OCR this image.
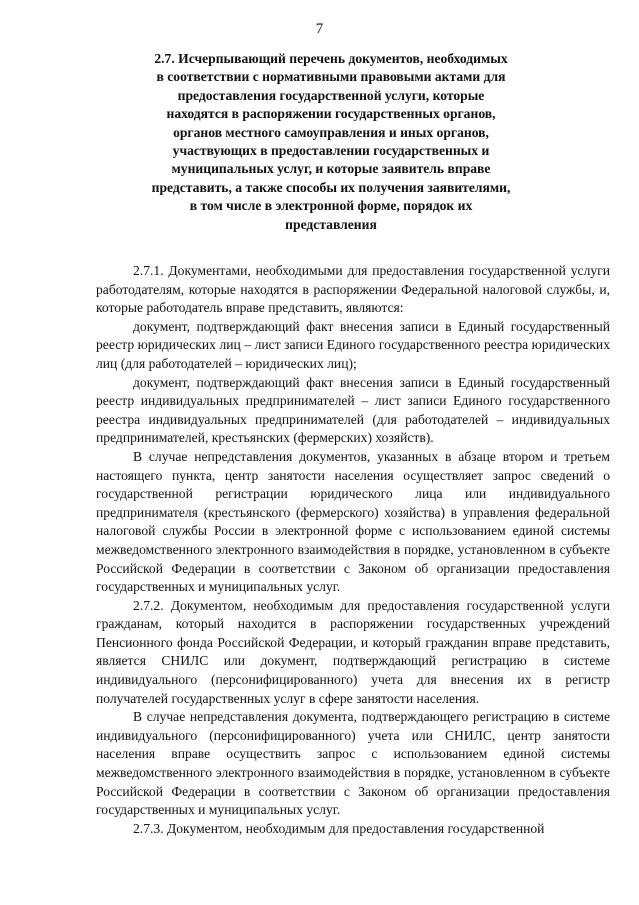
7
2.7. Исчерпывающий перечень документов, необходимых в соответствии с нормативными правовыми актами для предоставления государственной услуги, которые находятся в распоряжении государственных органов, органов местного самоуправления и иных органов, участвующих в предоставлении государственных и муниципальных услуг, и которые заявитель вправе представить, а также способы их получения заявителями, в том числе в электронной форме, порядок их представления

2.7.1. Документами, необходимыми для предоставления государственной услуги работодателям, которые находятся в распоряжении Федеральной налоговой службы, и, которые работодатель вправе представить, являются:

документ, подтверждающий факт внесения записи в Единый государственный реестр юридических лиц – лист записи Единого государственного реестра юридических лиц (для работодателей – юридических лиц);

документ, подтверждающий факт внесения записи в Единый государственный реестр индивидуальных предпринимателей – лист записи Единого государственного реестра индивидуальных предпринимателей (для работодателей – индивидуальных предпринимателей, крестьянских (фермерских) хозяйств).

В случае непредставления документов, указанных в абзаце втором и третьем настоящего пункта, центр занятости населения осуществляет запрос сведений о государственной регистрации юридического лица или индивидуального предпринимателя (крестьянского (фермерского) хозяйства) в управления федеральной налоговой службы России в электронной форме с использованием единой системы межведомственного электронного взаимодействия в порядке, установленном в субъекте Российской Федерации в соответствии с Законом об организации предоставления государственных и муниципальных услуг.

2.7.2. Документом, необходимым для предоставления государственной услуги гражданам, который находится в распоряжении государственных учреждений Пенсионного фонда Российской Федерации, и который гражданин вправе представить, является СНИЛС или документ, подтверждающий регистрацию в системе индивидуального (персонифицированного) учета для внесения их в регистр получателей государственных услуг в сфере занятости населения.

В случае непредставления документа, подтверждающего регистрацию в системе индивидуального (персонифицированного) учета или СНИЛС, центр занятости населения вправе осуществить запрос с использованием единой системы межведомственного электронного взаимодействия в порядке, установленном в субъекте Российской Федерации в соответствии с Законом об организации предоставления государственных и муниципальных услуг.

2.7.3. Документом, необходимым для предоставления государственной
